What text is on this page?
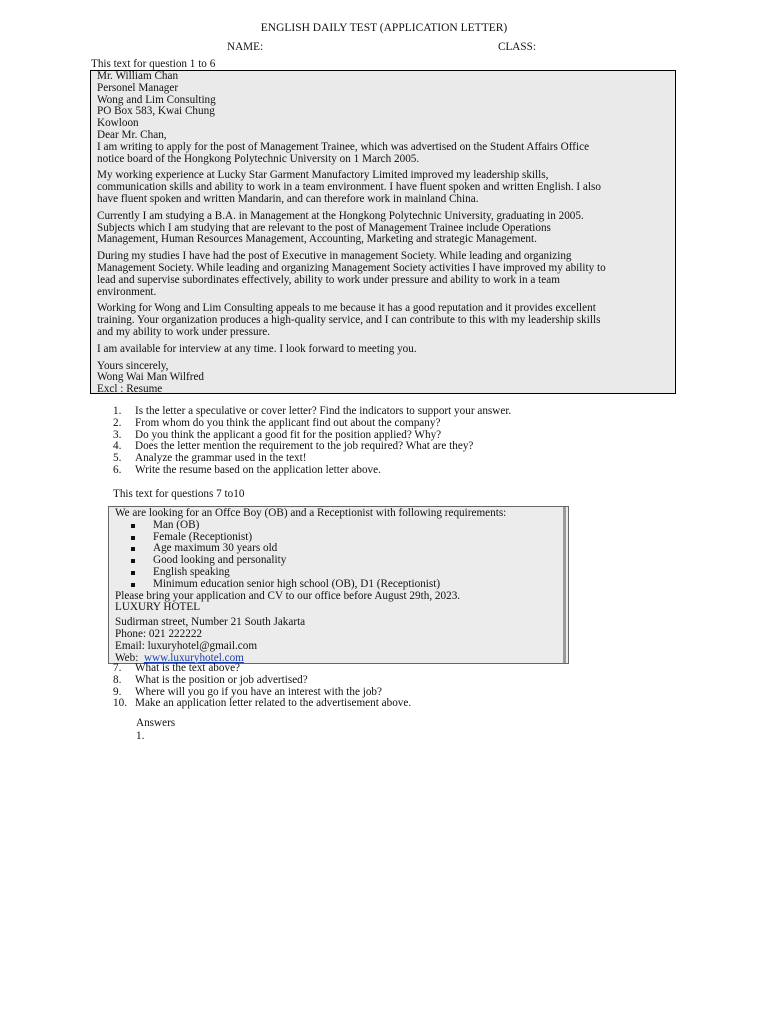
ENGLISH DAILY TEST (APPLICATION LETTER)
NAME:	CLASS:
This text for question 1 to 6
Mr. William Chan
Personel Manager
Wong and Lim Consulting
PO Box 583, Kwai Chung
Kowloon
Dear Mr. Chan,
I am writing to apply for the post of Management Trainee, which was advertised on the Student Affairs Office
notice board of the Hongkong Polytechnic University on 1 March 2005.
My working experience at Lucky Star Garment Manufactory Limited improved my leadership skills,
communication skills and ability to work in a team environment. I have fluent spoken and written English. I also
have fluent spoken and written Mandarin, and can therefore work in mainland China.
Currently I am studying a B.A. in Management at the Hongkong Polytechnic University, graduating in 2005.
Subjects which I am studying that are relevant to the post of Management Trainee include Operations
Management, Human Resources Management, Accounting, Marketing and strategic Management.
During my studies I have had the post of Executive in management Society. While leading and organizing
Management Society. While leading and organizing Management Society activities I have improved my ability to
lead and supervise subordinates effectively, ability to work under pressure and ability to work in a team
environment.
Working for Wong and Lim Consulting appeals to me because it has a good reputation and it provides excellent
training. Your organization produces a high-quality service, and I can contribute to this with my leadership skills
and my ability to work under pressure.
I am available for interview at any time. I look forward to meeting you.
Yours sincerely,
Wong Wai Man Wilfred
Excl : Resume
1. Is the letter a speculative or cover letter? Find the indicators to support your answer.
2. From whom do you think the applicant find out about the company?
3. Do you think the applicant a good fit for the position applied? Why?
4. Does the letter mention the requirement to the job required? What are they?
5. Analyze the grammar used in the text!
6. Write the resume based on the application letter above.
This text for questions 7 to10
We are looking for an Offce Boy (OB) and a Receptionist with following requirements:
Man (OB)
Female (Receptionist)
Age maximum 30 years old
Good looking and personality
English speaking
Minimum education senior high school (OB), D1 (Receptionist)
Please bring your application and CV to our office before August 29th, 2023.
LUXURY HOTEL
Sudirman street, Number 21 South Jakarta
Phone: 021 222222
Email: luxuryhotel@gmail.com
Web: www.luxuryhotel.com
7. What is the text above?
8. What is the position or job advertised?
9. Where will you go if you have an interest with the job?
10. Make an application letter related to the advertisement above.
Answers
1.
